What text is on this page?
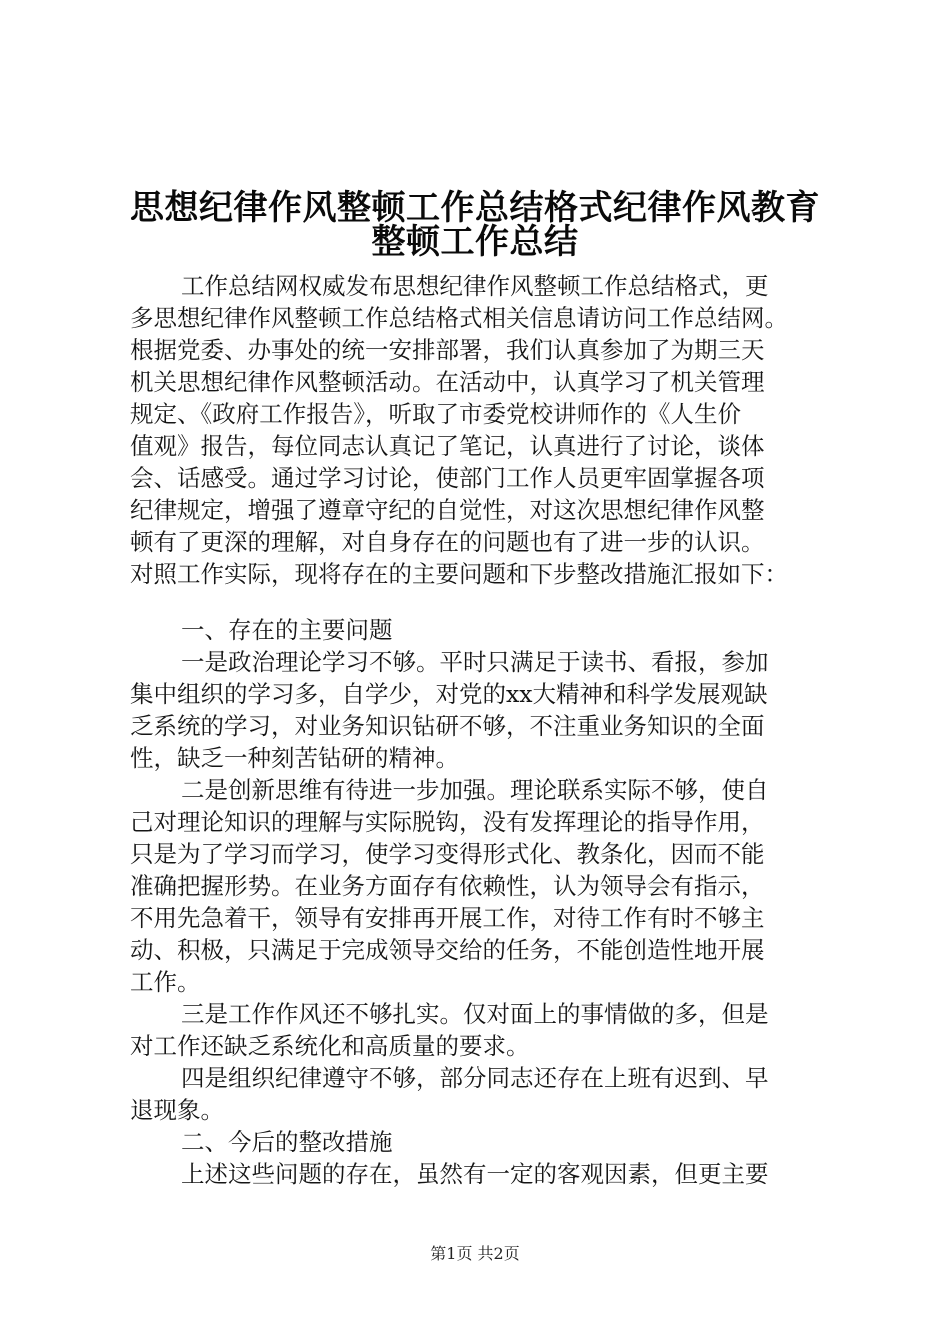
思想纪律作风整顿工作总结格式纪律作风教育
整顿工作总结
工作总结网权威发布思想纪律作风整顿工作总结格式，更
多思想纪律作风整顿工作总结格式相关信息请访问工作总结网。
根据党委、办事处的统一安排部署，我们认真参加了为期三天
机关思想纪律作风整顿活动。在活动中，认真学习了机关管理
规定、《政府工作报告》，听取了市委党校讲师作的《人生价
值观》报告，每位同志认真记了笔记，认真进行了讨论，谈体
会、话感受。通过学习讨论，使部门工作人员更牢固掌握各项
纪律规定，增强了遵章守纪的自觉性，对这次思想纪律作风整
顿有了更深的理解，对自身存在的问题也有了进一步的认识。
对照工作实际，现将存在的主要问题和下步整改措施汇报如下：
一、存在的主要问题
一是政治理论学习不够。平时只满足于读书、看报，参加
集中组织的学习多，自学少，对党的xx大精神和科学发展观缺
乏系统的学习，对业务知识钻研不够，不注重业务知识的全面
性，缺乏一种刻苦钻研的精神。
二是创新思维有待进一步加强。理论联系实际不够，使自
己对理论知识的理解与实际脱钩，没有发挥理论的指导作用，
只是为了学习而学习，使学习变得形式化、教条化，因而不能
准确把握形势。在业务方面存有依赖性，认为领导会有指示，
不用先急着干，领导有安排再开展工作，对待工作有时不够主
动、积极，只满足于完成领导交给的任务，不能创造性地开展
工作。
三是工作作风还不够扎实。仅对面上的事情做的多，但是
对工作还缺乏系统化和高质量的要求。
四是组织纪律遵守不够，部分同志还存在上班有迟到、早
退现象。
二、今后的整改措施
上述这些问题的存在，虽然有一定的客观因素，但更主要
第1页 共2页
